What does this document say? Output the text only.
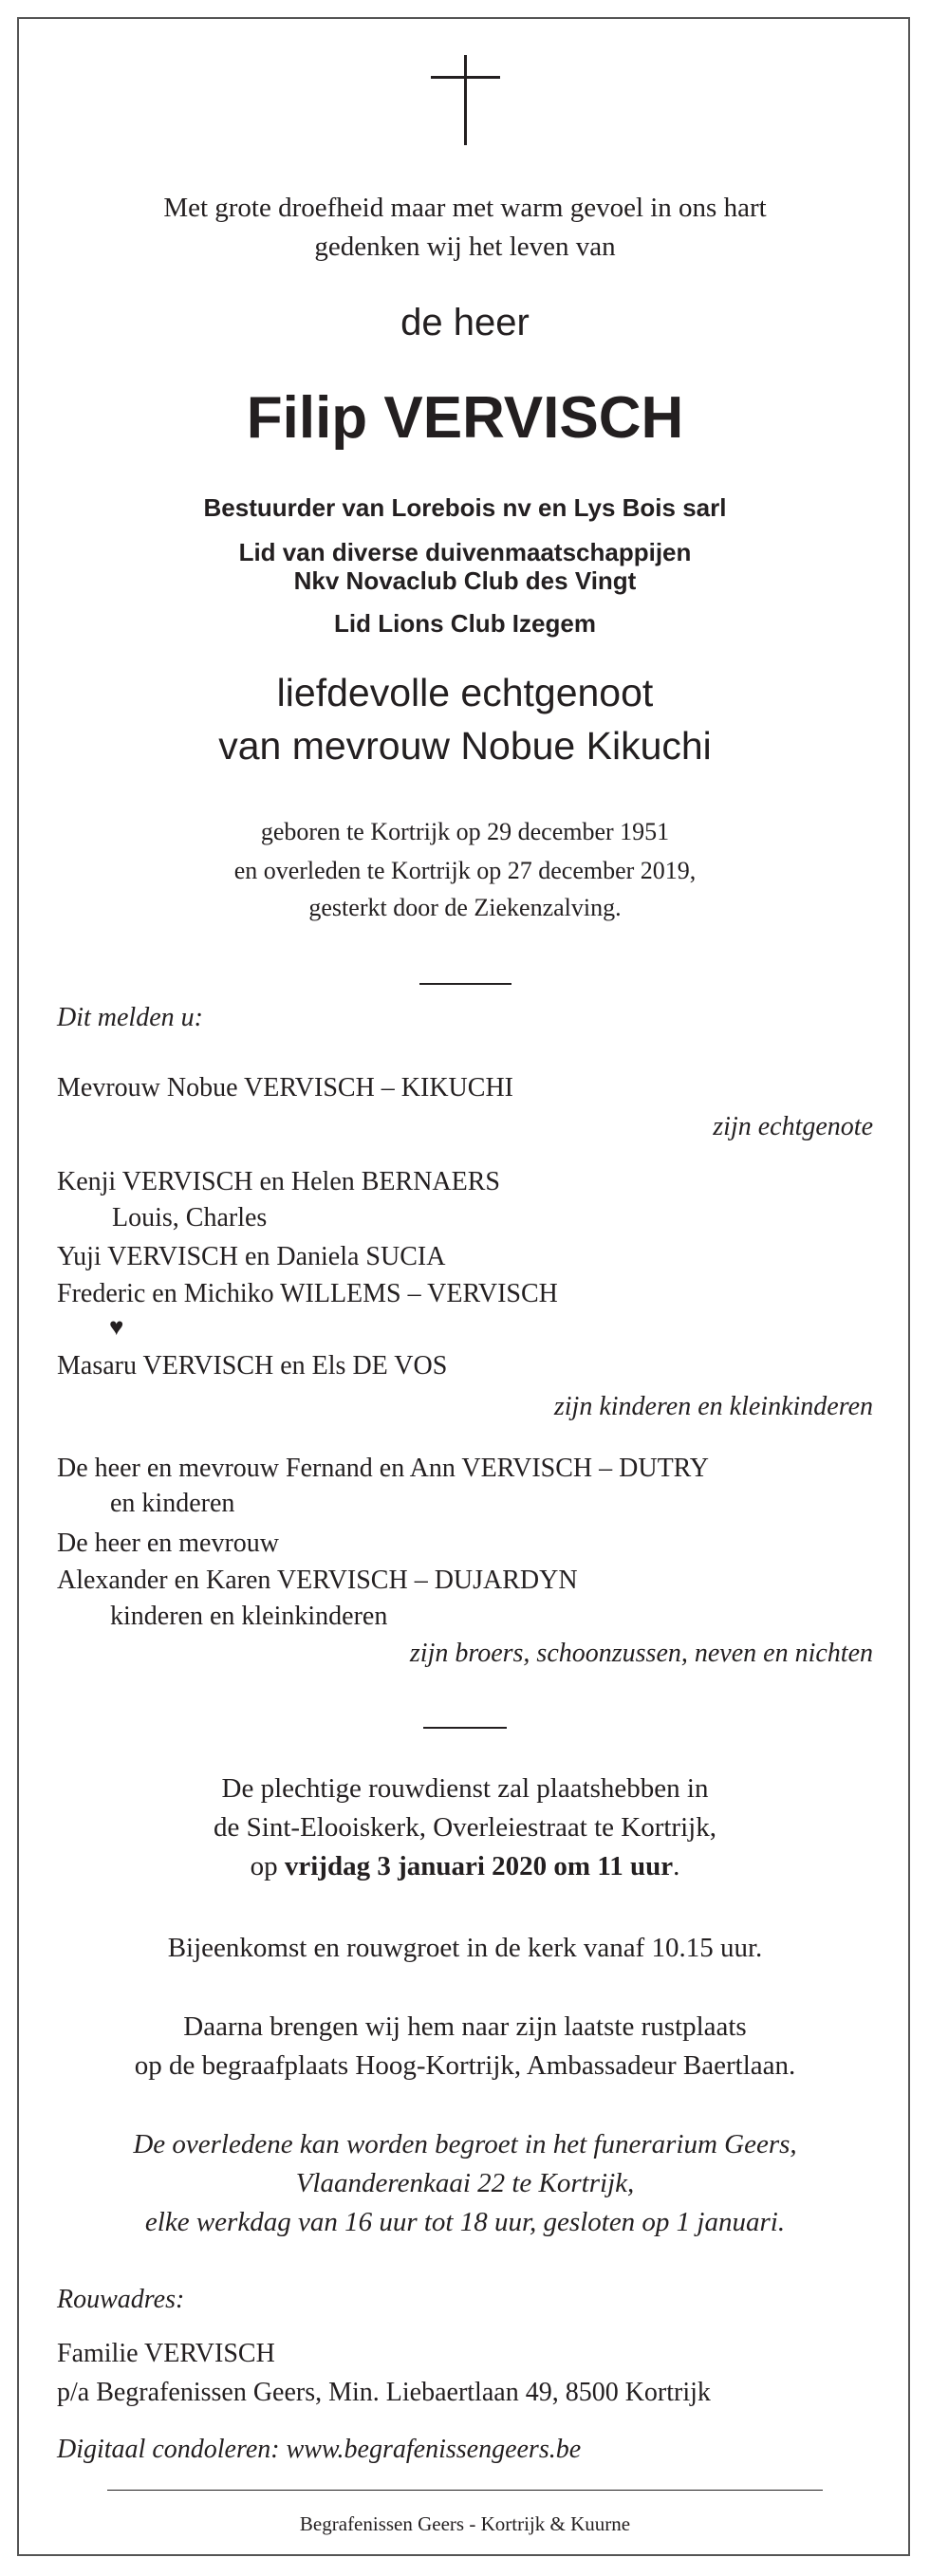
Met grote droefheid maar met warm gevoel in ons hart
gedenken wij het leven van
de heer
Filip VERVISCH
Bestuurder van Lorebois nv en Lys Bois sarl
Lid van diverse duivenmaatschappijen
Nkv Novaclub Club des Vingt
Lid Lions Club Izegem
liefdevolle echtgenoot
van mevrouw Nobue Kikuchi
geboren te Kortrijk op 29 december 1951
en overleden te Kortrijk op 27 december 2019,
gesterkt door de Ziekenzalving.
Dit melden u:
Mevrouw Nobue VERVISCH – KIKUCHI
zijn echtgenote
Kenji VERVISCH en Helen BERNAERS
Louis, Charles
Yuji VERVISCH en Daniela SUCIA
Frederic en Michiko WILLEMS – VERVISCH
♥
Masaru VERVISCH en Els DE VOS
zijn kinderen en kleinkinderen
De heer en mevrouw Fernand en Ann VERVISCH – DUTRY
en kinderen
De heer en mevrouw
Alexander en Karen VERVISCH – DUJARDYN
kinderen en kleinkinderen
zijn broers, schoonzussen, neven en nichten
De plechtige rouwdienst zal plaatshebben in
de Sint-Elooiskerk, Overleiestraat te Kortrijk,
op vrijdag 3 januari 2020 om 11 uur.
Bijeenkomst en rouwgroet in de kerk vanaf 10.15 uur.
Daarna brengen wij hem naar zijn laatste rustplaats
op de begraafplaats Hoog-Kortrijk, Ambassadeur Baertlaan.
De overledene kan worden begroet in het funerarium Geers,
Vlaanderenkaai 22 te Kortrijk,
elke werkdag van 16 uur tot 18 uur, gesloten op 1 januari.
Rouwadres:
Familie VERVISCH
p/a Begrafenissen Geers, Min. Liebaertlaan 49, 8500 Kortrijk
Digitaal condoleren: www.begrafenissengeers.be
Begrafenissen Geers - Kortrijk & Kuurne
